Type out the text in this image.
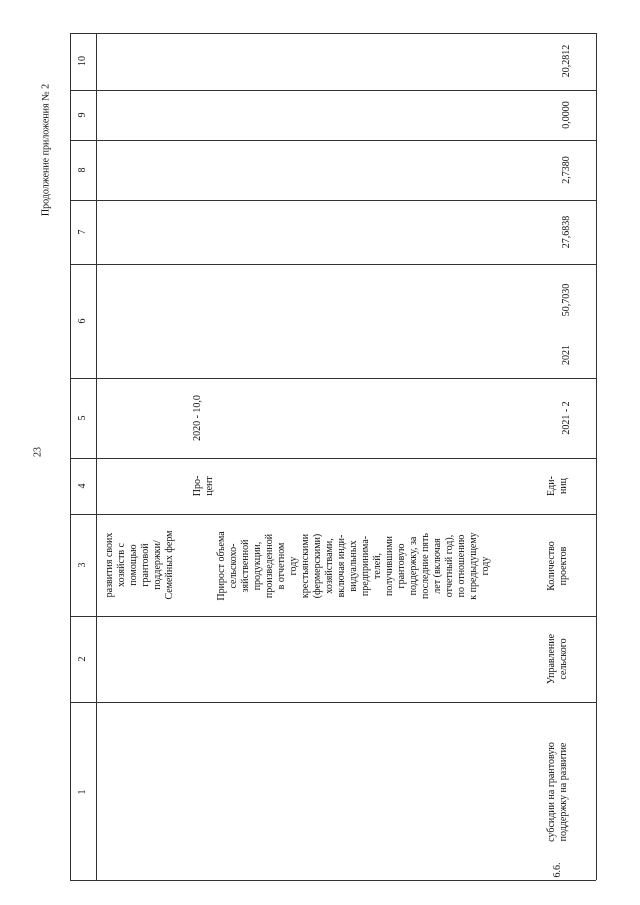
23
Продолжение приложения № 2
1
2
3
4
5
6
7
8
9
10
развития своих хозяйств с помощью грантовой поддержки/ Семейных ферм	Прирост объема сельскохо- зяйственной продукции, произведенной в отчетном году крестьянскими (фермерскими) хозяйствами, включая инди- видуальных предпринима- телей, получившими грантовую поддержку, за последние пять лет (включая отчетный год), по отношению к предыдущему году
Про- цент
2020 - 10,0
6.6.
субсидии на грантовую поддержку на развитие
Управление сельского
Количество проектов
Еди- ниц
2021 - 2
2021
50,7030
27,6838
2,7380
0,0000
20,2812
